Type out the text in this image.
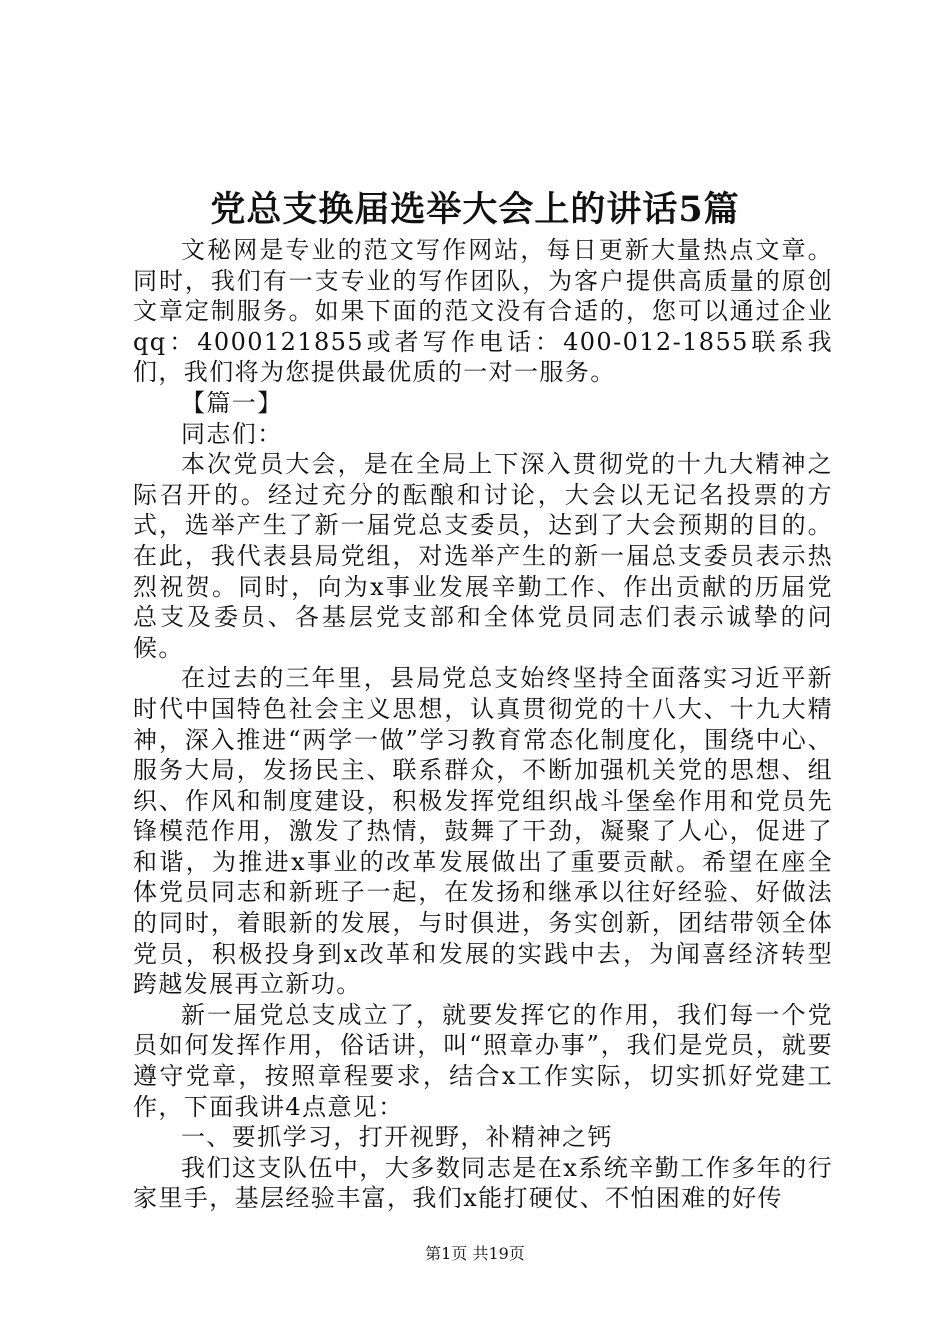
党总支换届选举大会上的讲话5篇

文秘网是专业的范文写作网站，每日更新大量热点文章。同时，我们有一支专业的写作团队，为客户提供高质量的原创文章定制服务。如果下面的范文没有合适的，您可以通过企业qq：4000121855或者写作电话：400-012-1855联系我们，我们将为您提供最优质的一对一服务。

【篇一】

同志们：

本次党员大会，是在全局上下深入贯彻党的十九大精神之际召开的。经过充分的酝酿和讨论，大会以无记名投票的方式，选举产生了新一届党总支委员，达到了大会预期的目的。在此，我代表县局党组，对选举产生的新一届总支委员表示热烈祝贺。同时，向为x事业发展辛勤工作、作出贡献的历届党总支及委员、各基层党支部和全体党员同志们表示诚挚的问候。

在过去的三年里，县局党总支始终坚持全面落实习近平新时代中国特色社会主义思想，认真贯彻党的十八大、十九大精神，深入推进“两学一做”学习教育常态化制度化，围绕中心、服务大局，发扬民主、联系群众，不断加强机关党的思想、组织、作风和制度建设，积极发挥党组织战斗堡垒作用和党员先锋模范作用，激发了热情，鼓舞了干劲，凝聚了人心，促进了和谐，为推进x事业的改革发展做出了重要贡献。希望在座全体党员同志和新班子一起，在发扬和继承以往好经验、好做法的同时，着眼新的发展，与时俱进，务实创新，团结带领全体党员，积极投身到x改革和发展的实践中去，为闻喜经济转型跨越发展再立新功。

新一届党总支成立了，就要发挥它的作用，我们每一个党员如何发挥作用，俗话讲，叫“照章办事”，我们是党员，就要遵守党章，按照章程要求，结合x工作实际，切实抓好党建工作，下面我讲4点意见：

一、要抓学习，打开视野，补精神之钙

我们这支队伍中，大多数同志是在x系统辛勤工作多年的行家里手，基层经验丰富，我们x能打硬仗、不怕困难的好传

第1页 共19页
